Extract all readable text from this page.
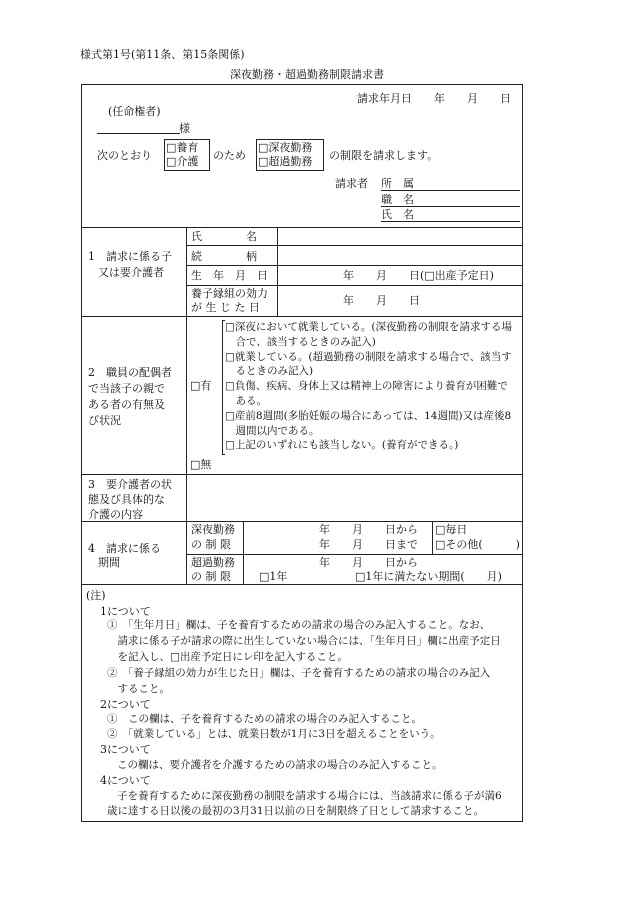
様式第1号(第11条、第15条関係)
深夜勤務・超過勤務制限請求書
請求年月日　　年　　月　　日
(任命権者)
様
次のとおり
□養育
□介護 のため
□深夜勤務
□超過勤務 の制限を請求します。
請求者 所　属
職　名
氏　名
1　請求に係る子
又は要介護者
氏　　　　名
続　　　　柄
生　年　月　日	年　　月　　日(□出産予定日)
養子縁組の効力
が 生 じ た 日
年　　月　　日
2　職員の配偶者
で当該子の親で
ある者の有無及
び状況
□有
□深夜において就業している。(深夜勤務の制限を請求する場
　合で、該当するときのみ記入)
□就業している。(超過勤務の制限を請求する場合で、該当す
　るときのみ記入)
□負傷、疾病、身体上又は精神上の障害により養育が困難で
　ある。
□産前8週間(多胎妊娠の場合にあっては、14週間)又は産後8
　週間以内である。
□上記のいずれにも該当しない。(養育ができる。)
□無
3　要介護者の状
態及び具体的な
介護の内容
4　請求に係る
期間
深夜勤務
の 制 限
年　　月　　日から
年　　月　　日まで
□毎日
□その他(　　　)
超過勤務
の 制 限
年　　月　　日から
□1年	□1年に満たない期間(　　月)
(注)
1について
①　「生年月日」欄は、子を養育するための請求の場合のみ記入すること。なお、
　請求に係る子が請求の際に出生していない場合には、「生年月日」欄に出産予定日
　を記入し、□出産予定日にレ印を記入すること。
②　「養子縁組の効力が生じた日」欄は、子を養育するための請求の場合のみ記入
　すること。
2について
①　この欄は、子を養育するための請求の場合のみ記入すること。
②　「就業している」とは、就業日数が1月に3日を超えることをいう。
3について
この欄は、要介護者を介護するための請求の場合のみ記入すること。
4について
子を養育するために深夜勤務の制限を請求する場合には、当該請求に係る子が満6
歳に達する日以後の最初の3月31日以前の日を制限終了日として請求すること。
